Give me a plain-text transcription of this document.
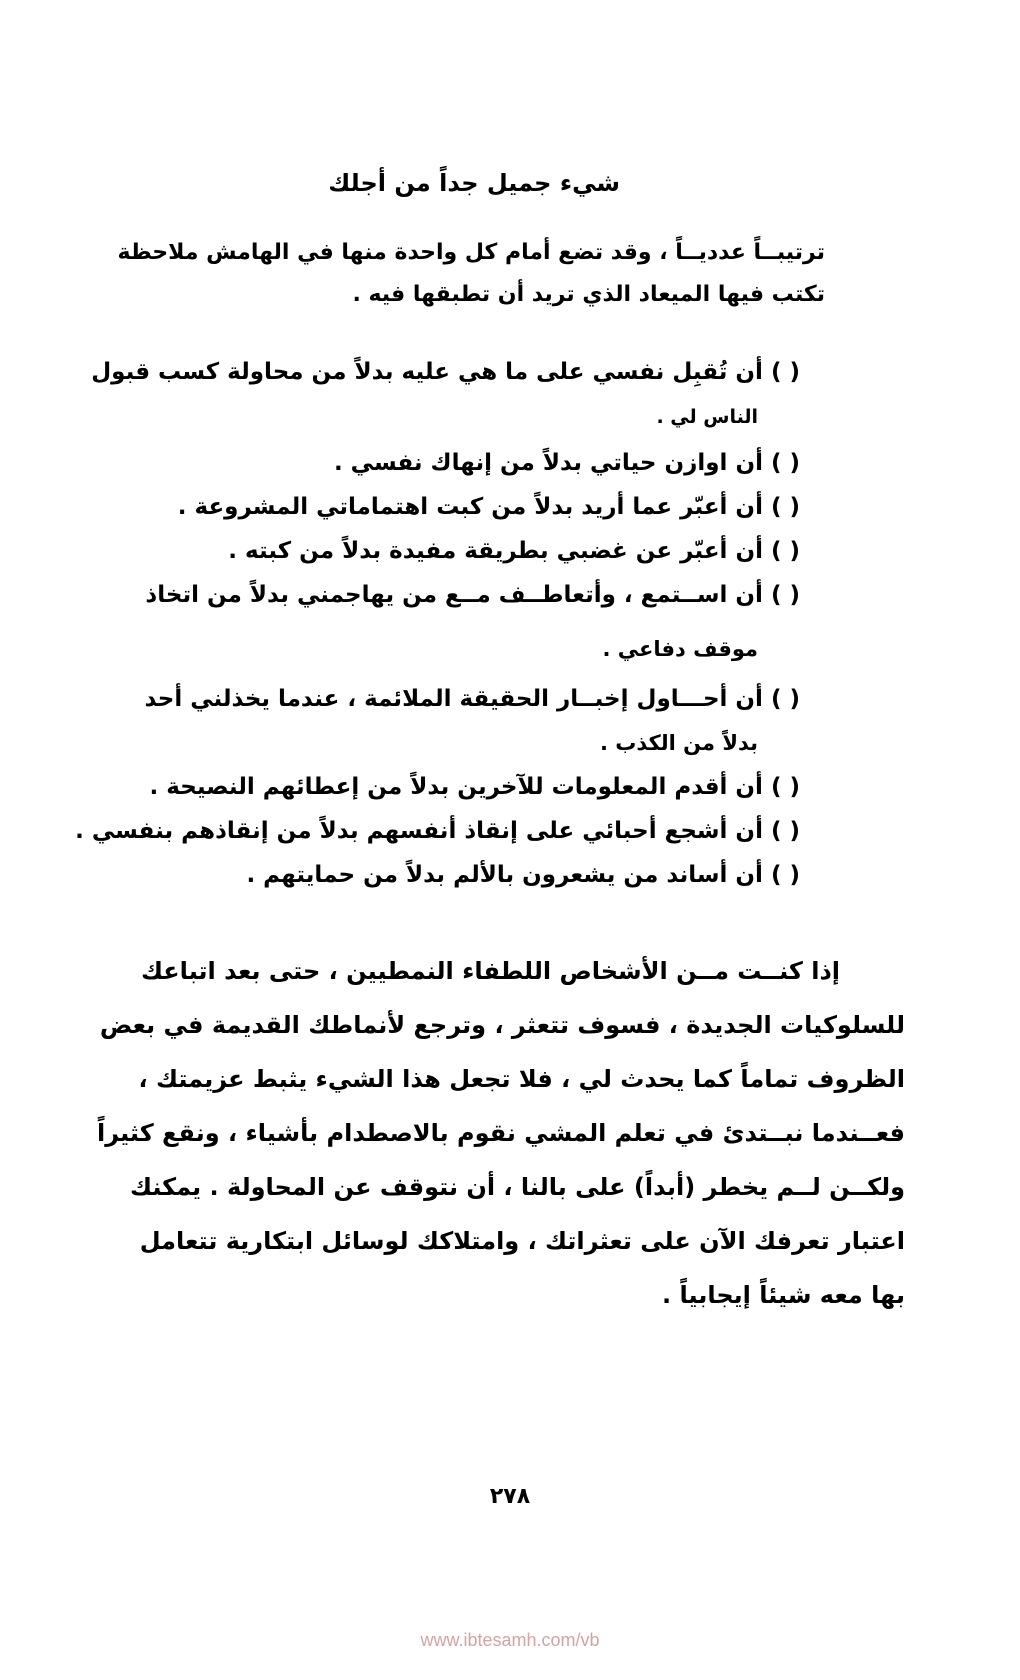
شيء جميل جداً من أجلك
ترتيبــاً عدديــاً ، وقد تضع أمام كل واحدة منها في الهامش ملاحظة
تكتب فيها الميعاد الذي تريد أن تطبقها فيه .
( ) أن تُقبِل نفسي على ما هي عليه بدلاً من محاولة كسب قبول
الناس لي .
( ) أن اوازن حياتي بدلاً من إنهاك نفسي .
( ) أن أعبّر عما أريد بدلاً من كبت اهتماماتي المشروعة .
( ) أن أعبّر عن غضبي بطريقة مفيدة بدلاً من كبته .
( ) أن اســتمع ، وأتعاطــف مــع من يهاجمني بدلاً من اتخاذ
موقف دفاعي .
( ) أن أحـــاول إخبــار الحقيقة الملائمة ، عندما يخذلني أحد
بدلاً من الكذب .
( ) أن أقدم المعلومات للآخرين بدلاً من إعطائهم النصيحة .
( ) أن أشجع أحبائي على إنقاذ أنفسهم بدلاً من إنقاذهم بنفسي .
( ) أن أساند من يشعرون بالألم بدلاً من حمايتهم .
إذا كنــت مــن الأشخاص اللطفاء النمطيين ، حتى بعد اتباعك
للسلوكيات الجديدة ، فسوف تتعثر ، وترجع لأنماطك القديمة في بعض
الظروف تماماً كما يحدث لي ، فلا تجعل هذا الشيء يثبط عزيمتك ،
فعــندما نبــتدئ في تعلم المشي نقوم بالاصطدام بأشياء ، ونقع كثيراً
ولكــن لــم يخطر (أبداً) على بالنا ، أن نتوقف عن المحاولة . يمكنك
اعتبار تعرفك الآن على تعثراتك ، وامتلاكك لوسائل ابتكارية تتعامل
بها معه شيئاً إيجابياً .
٢٧٨
www.ibtesamh.com/vb
